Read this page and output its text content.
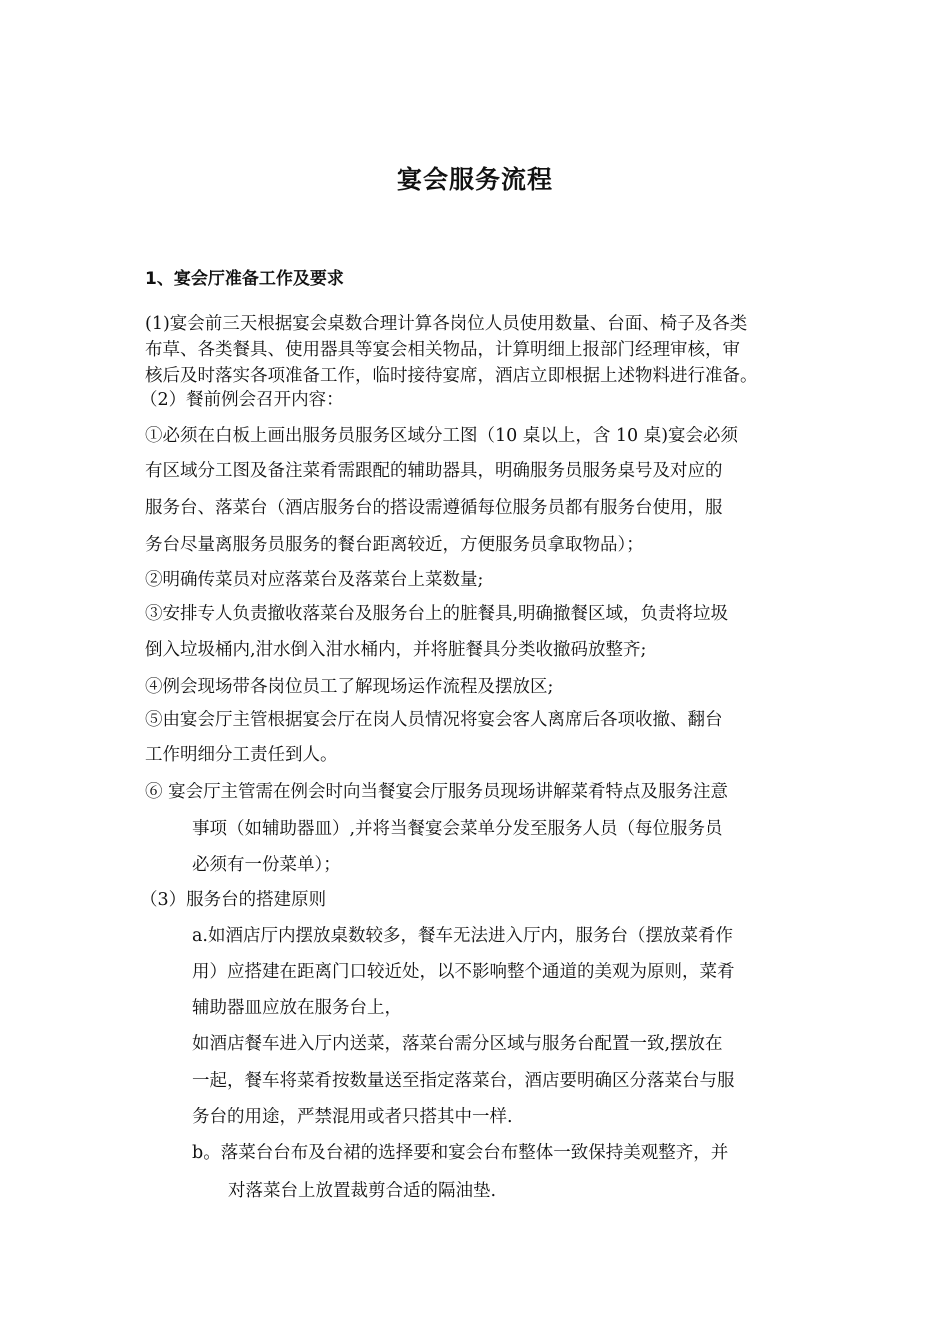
宴会服务流程
1、宴会厅准备工作及要求
(1)宴会前三天根据宴会桌数合理计算各岗位人员使用数量、台面、椅子及各类
布草、各类餐具、使用器具等宴会相关物品，计算明细上报部门经理审核，审
核后及时落实各项准备工作，临时接待宴席，酒店立即根据上述物料进行准备。
（2）餐前例会召开内容：
①必须在白板上画出服务员服务区域分工图（10 桌以上，含 10 桌)宴会必须
有区域分工图及备注菜肴需跟配的辅助器具，明确服务员服务桌号及对应的
服务台、落菜台（酒店服务台的搭设需遵循每位服务员都有服务台使用，服
务台尽量离服务员服务的餐台距离较近，方便服务员拿取物品）；
②明确传菜员对应落菜台及落菜台上菜数量;
③安排专人负责撤收落菜台及服务台上的脏餐具,明确撤餐区域，负责将垃圾
倒入垃圾桶内,泔水倒入泔水桶内，并将脏餐具分类收撤码放整齐;
④例会现场带各岗位员工了解现场运作流程及摆放区;
⑤由宴会厅主管根据宴会厅在岗人员情况将宴会客人离席后各项收撤、翻台
工作明细分工责任到人。
⑥ 宴会厅主管需在例会时向当餐宴会厅服务员现场讲解菜肴特点及服务注意
事项（如辅助器皿）,并将当餐宴会菜单分发至服务人员（每位服务员
必须有一份菜单）；
（3）服务台的搭建原则
a.如酒店厅内摆放桌数较多，餐车无法进入厅内，服务台（摆放菜肴作
用）应搭建在距离门口较近处，以不影响整个通道的美观为原则，菜肴
辅助器皿应放在服务台上，
如酒店餐车进入厅内送菜，落菜台需分区域与服务台配置一致,摆放在
一起，餐车将菜肴按数量送至指定落菜台，酒店要明确区分落菜台与服
务台的用途，严禁混用或者只搭其中一样.
b。落菜台台布及台裙的选择要和宴会台布整体一致保持美观整齐，并
对落菜台上放置裁剪合适的隔油垫.
